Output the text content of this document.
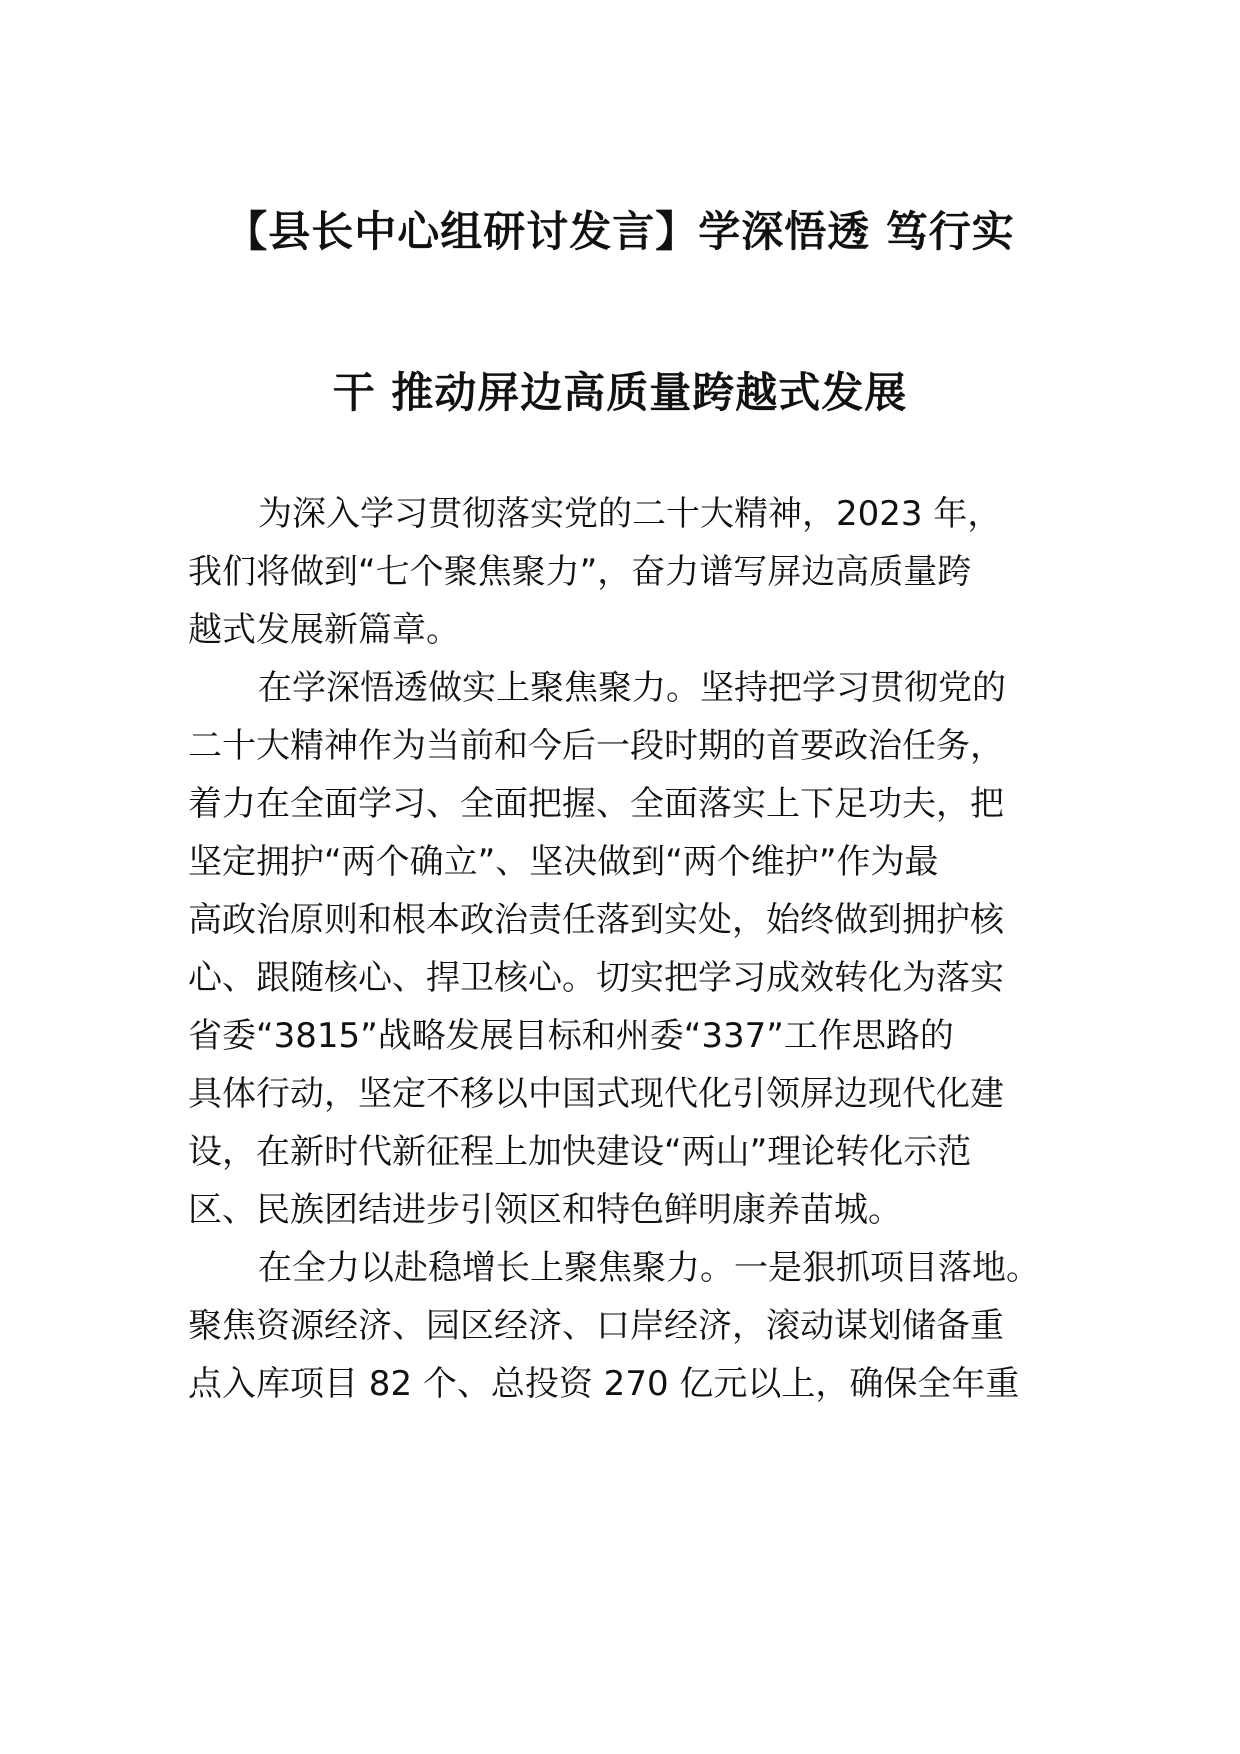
【县长中心组研讨发言】学深悟透 笃行实
干 推动屏边高质量跨越式发展
为深入学习贯彻落实党的二十大精神，2023 年，
我们将做到“七个聚焦聚力”，奋力谱写屏边高质量跨
越式发展新篇章。
在学深悟透做实上聚焦聚力。坚持把学习贯彻党的
二十大精神作为当前和今后一段时期的首要政治任务，
着力在全面学习、全面把握、全面落实上下足功夫，把
坚定拥护“两个确立”、坚决做到“两个维护”作为最
高政治原则和根本政治责任落到实处，始终做到拥护核
心、跟随核心、捍卫核心。切实把学习成效转化为落实
省委“3815”战略发展目标和州委“337”工作思路的
具体行动，坚定不移以中国式现代化引领屏边现代化建
设，在新时代新征程上加快建设“两山”理论转化示范
区、民族团结进步引领区和特色鲜明康养苗城。
在全力以赴稳增长上聚焦聚力。一是狠抓项目落地。
聚焦资源经济、园区经济、口岸经济，滚动谋划储备重
点入库项目 82 个、总投资 270 亿元以上，确保全年重
